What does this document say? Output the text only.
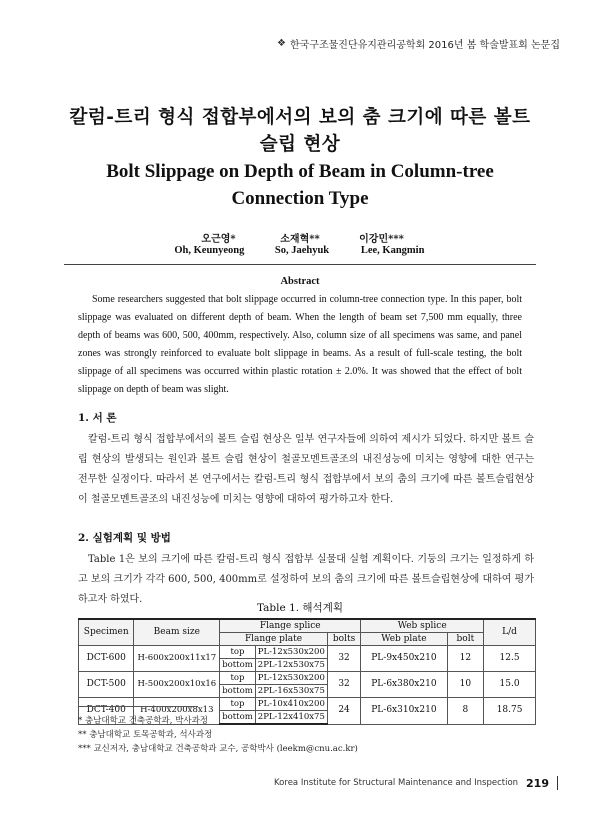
❖ 한국구조물진단유지관리공학회 2016년 봄 학술발표회 논문집
칼럼-트리 형식 접합부에서의 보의 춤 크기에 따른 볼트
슬립 현상
Bolt Slippage on Depth of Beam in Column-tree
Connection Type
오근영*	소재혁**	이강민***
Oh, Keunyeong	So, Jaehyuk	Lee, Kangmin
Abstract
Some researchers suggested that bolt slippage occurred in column-tree connection type. In this paper, bolt slippage was evaluated on different depth of beam. When the length of beam set 7,500 mm equally, three depth of beams was 600, 500, 400mm, respectively. Also, column size of all specimens was same, and panel zones was strongly reinforced to evaluate bolt slippage in beams. As a result of full-scale testing, the bolt slippage of all specimens was occurred within plastic rotation ± 2.0%. It was showed that the effect of bolt slippage on depth of beam was slight.
1. 서 론
칼럼-트리 형식 접합부에서의 볼트 슬립 현상은 일부 연구자들에 의하여 제시가 되었다. 하지만 볼트 슬립 현상의 발생되는 원인과 볼트 슬립 현상이 철골모멘트골조의 내진성능에 미치는 영향에 대한 연구는 전무한 실정이다. 따라서 본 연구에서는 칼럼-트리 형식 접합부에서 보의 춤의 크기에 따른 볼트슬립현상이 철골모멘트골조의 내진성능에 미치는 영향에 대하여 평가하고자 한다.
2. 실험계획 및 방법
Table 1은 보의 크기에 따른 칼럼-트리 형식 접합부 실물대 실험 계획이다. 기둥의 크기는 일정하게 하고 보의 크기가 각각 600, 500, 400mm로 설정하여 보의 춤의 크기에 따른 볼트슬립현상에 대하여 평가하고자 하였다.
Table 1. 해석계획
Specimen	Beam size	Flange splice			Web splice		L/d
		Flange plate		bolts	Web plate	bolt	
DCT-600	H-600x200x11x17	top	PL-12x530x200	32	PL-9x450x210	12	12.5
		bottom	2PL-12x530x75				
DCT-500	H-500x200x10x16	top	PL-12x530x200	32	PL-6x380x210	10	15.0
		bottom	2PL-16x530x75				
DCT-400	H-400x200x8x13	top	PL-10x410x200	24	PL-6x310x210	8	18.75
		bottom	2PL-12x410x75				
* 충남대학교 건축공학과, 박사과정
** 충남대학교 토목공학과, 석사과정
*** 교신저자, 충남대학교 건축공학과 교수, 공학박사 (leekm@cnu.ac.kr)
Korea Institute for Structural Maintenance and Inspection 219
